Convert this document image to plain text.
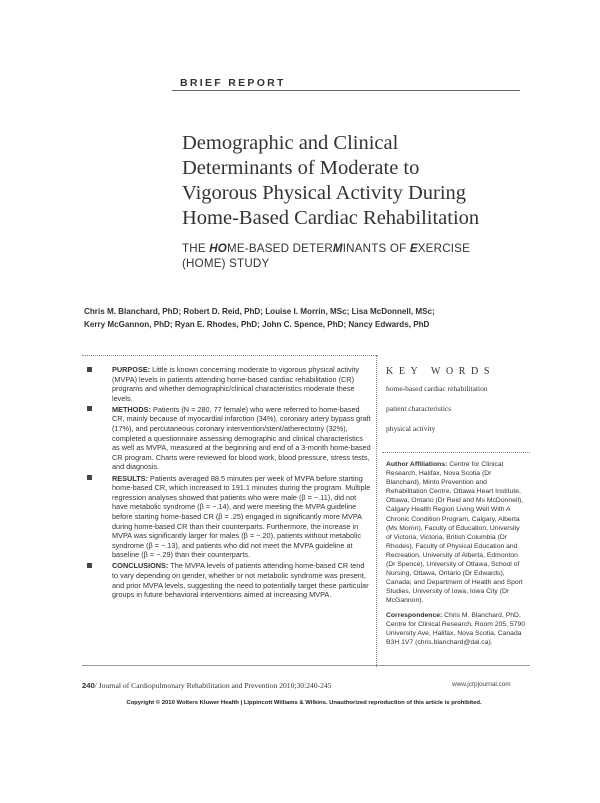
BRIEF REPORT
Demographic and Clinical
Determinants of Moderate to
Vigorous Physical Activity During
Home-Based Cardiac Rehabilitation
THE HOME-BASED DETERMINANTS OF EXERCISE
(HOME) STUDY
Chris M. Blanchard, PhD; Robert D. Reid, PhD; Louise I. Morrin, MSc; Lisa McDonnell, MSc;
Kerry McGannon, PhD; Ryan E. Rhodes, PhD; John C. Spence, PhD; Nancy Edwards, PhD
PURPOSE: Little is known concerning moderate to vigorous physical activity (MVPA) levels in patients attending home-based cardiac rehabilitation (CR) programs and whether demographic/clinical characteristics moderate these levels.
METHODS: Patients (N = 280, 77 female) who were referred to home-based CR, mainly because of myocardial infarction (34%), coronary artery bypass graft (17%), and percutaneous coronary intervention/stent/atherectomy (32%), completed a questionnaire assessing demographic and clinical characteristics as well as MVPA, measured at the beginning and end of a 3-month home-based CR program. Charts were reviewed for blood work, blood pressure, stress tests, and diagnosis.
RESULTS: Patients averaged 88.5 minutes per week of MVPA before starting home-based CR, which increased to 191.1 minutes during the program. Multiple regression analyses showed that patients who were male (β = −.11), did not have metabolic syndrome (β = −.14), and were meeting the MVPA guideline before starting home-based CR (β = .25) engaged in significantly more MVPA during home-based CR than their counterparts. Furthermore, the increase in MVPA was significantly larger for males (β = −.20), patients without metabolic syndrome (β = −.13), and patients who did not meet the MVPA guideline at baseline (β = −.29) than their counterparts.
CONCLUSIONS: The MVPA levels of patients attending home-based CR tend to vary depending on gender, whether or not metabolic syndrome was present, and prior MVPA levels, suggesting the need to potentially target these particular groups in future behavioral interventions aimed at increasing MVPA.
KEY WORDS
home-based cardiac rehabilitation
patient characteristics
physical activity

Author Affiliations: Centre for Clinical Research, Halifax, Nova Scotia (Dr Blanchard), Minto Prevention and Rehabilitation Centre, Ottawa Heart Institute, Ottawa, Ontario (Dr Reid and Ms McDonnell), Calgary Health Region Living Well With A Chronic Condition Program, Calgary, Alberta (Ms Morrin), Faculty of Education, University of Victoria, Victoria, British Columbia (Dr Rhodes), Faculty of Physical Education and Recreation, University of Alberta, Edmonton (Dr Spence), University of Ottawa, School of Nursing, Ottawa, Ontario (Dr Edwards), Canada; and Department of Health and Sport Studies, University of Iowa, Iowa City (Dr McGannon).

Correspondence: Chris M. Blanchard, PhD, Centre for Clinical Research, Room 205, 5790 University Ave, Halifax, Nova Scotia, Canada B3H 1V7 (chris.blanchard@dal.ca).

240/ Journal of Cardiopulmonary Rehabilitation and Prevention 2010;30:240-245	www.jcrpjournal.com
Copyright © 2010 Wolters Kluwer Health | Lippincott Williams & Wilkins. Unauthorized reproduction of this article is prohibited.
